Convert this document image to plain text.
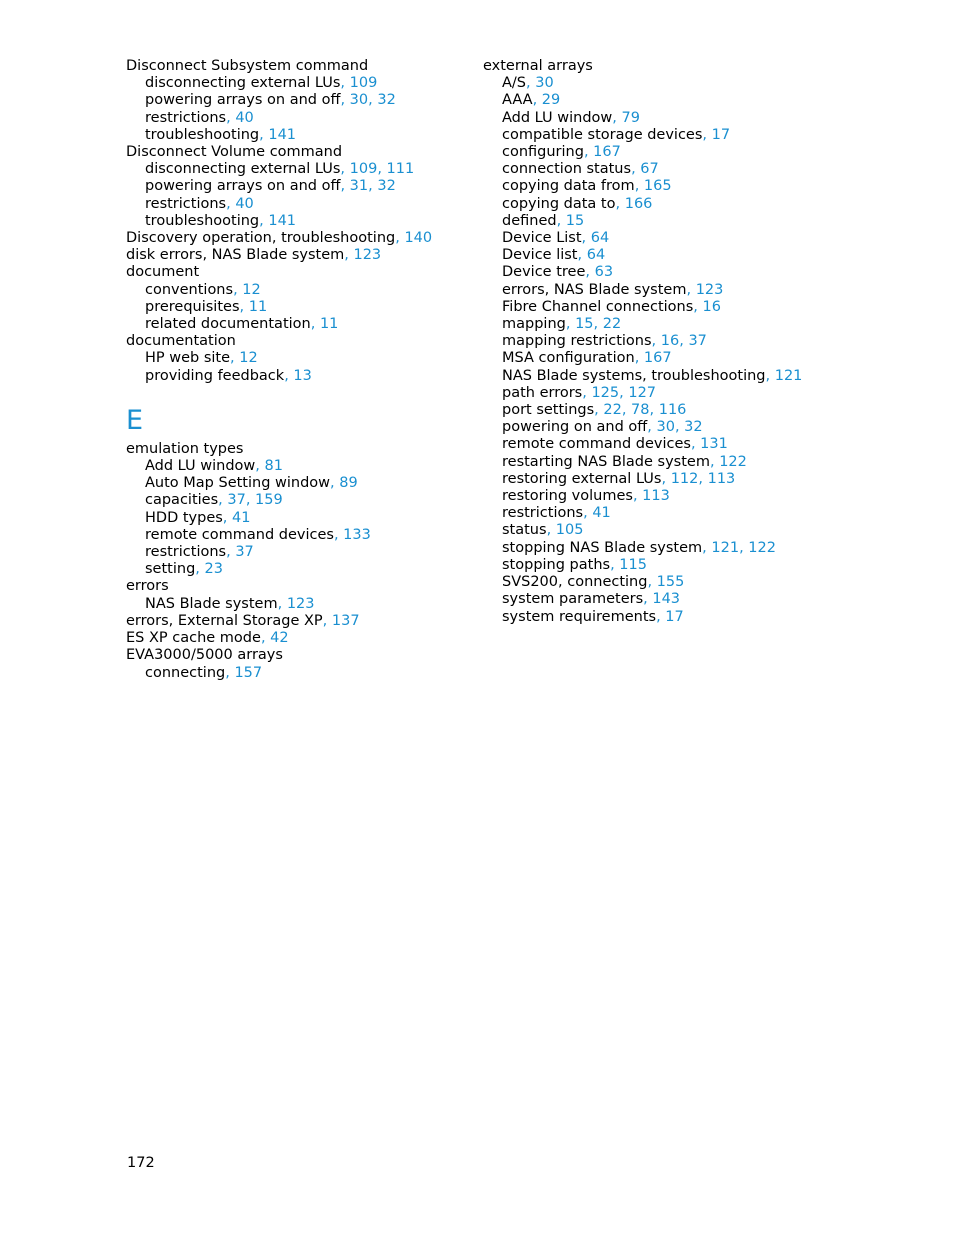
Disconnect Subsystem command
disconnecting external LUs, 109
powering arrays on and off, 30, 32
restrictions, 40
troubleshooting, 141
Disconnect Volume command
disconnecting external LUs, 109, 111
powering arrays on and off, 31, 32
restrictions, 40
troubleshooting, 141
Discovery operation, troubleshooting, 140
disk errors, NAS Blade system, 123
document
conventions, 12
prerequisites, 11
related documentation, 11
documentation
HP web site, 12
providing feedback, 13
E
emulation types
Add LU window, 81
Auto Map Setting window, 89
capacities, 37, 159
HDD types, 41
remote command devices, 133
restrictions, 37
setting, 23
errors
NAS Blade system, 123
errors, External Storage XP, 137
ES XP cache mode, 42
EVA3000/5000 arrays
connecting, 157
external arrays
A/S, 30
AAA, 29
Add LU window, 79
compatible storage devices, 17
configuring, 167
connection status, 67
copying data from, 165
copying data to, 166
defined, 15
Device List, 64
Device list, 64
Device tree, 63
errors, NAS Blade system, 123
Fibre Channel connections, 16
mapping, 15, 22
mapping restrictions, 16, 37
MSA configuration, 167
NAS Blade systems, troubleshooting, 121
path errors, 125, 127
port settings, 22, 78, 116
powering on and off, 30, 32
remote command devices, 131
restarting NAS Blade system, 122
restoring external LUs, 112, 113
restoring volumes, 113
restrictions, 41
status, 105
stopping NAS Blade system, 121, 122
stopping paths, 115
SVS200, connecting, 155
system parameters, 143
system requirements, 17
172
